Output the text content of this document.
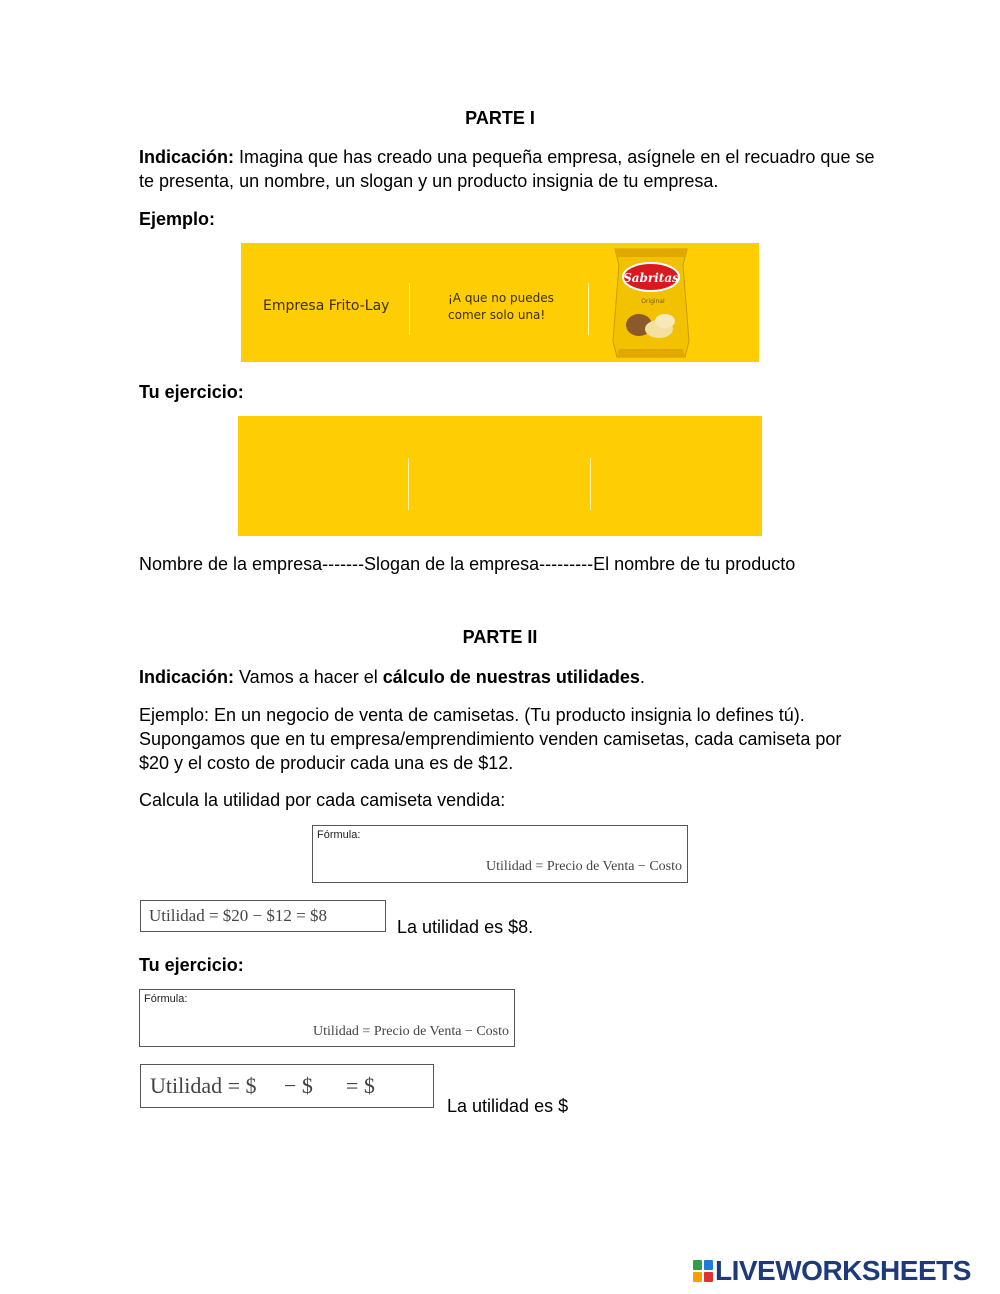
PARTE I
Indicación: Imagina que has creado una pequeña empresa, asígnele en el recuadro que se te presenta, un nombre, un slogan y un producto insignia de tu empresa.
Ejemplo:
Empresa Frito-Lay	¡A que no puedes
comer solo una!
Sabritas
Original
Tu ejercicio:
Nombre de la empresa-------Slogan de la empresa---------El nombre de tu producto
PARTE II
Indicación: Vamos a hacer el cálculo de nuestras utilidades.
Ejemplo: En un negocio de venta de camisetas. (Tu producto insignia lo defines tú). Supongamos que en tu empresa/emprendimiento venden camisetas, cada camiseta por $20 y el costo de producir cada una es de $12.
Calcula la utilidad por cada camiseta vendida:
Fórmula:
Utilidad = Precio de Venta − Costo
Utilidad = $20 − $12 = $8
La utilidad es $8.
Tu ejercicio:
Fórmula:
Utilidad = Precio de Venta − Costo
Utilidad = $     − $      = $
La utilidad es $
LIVEWORKSHEETS
